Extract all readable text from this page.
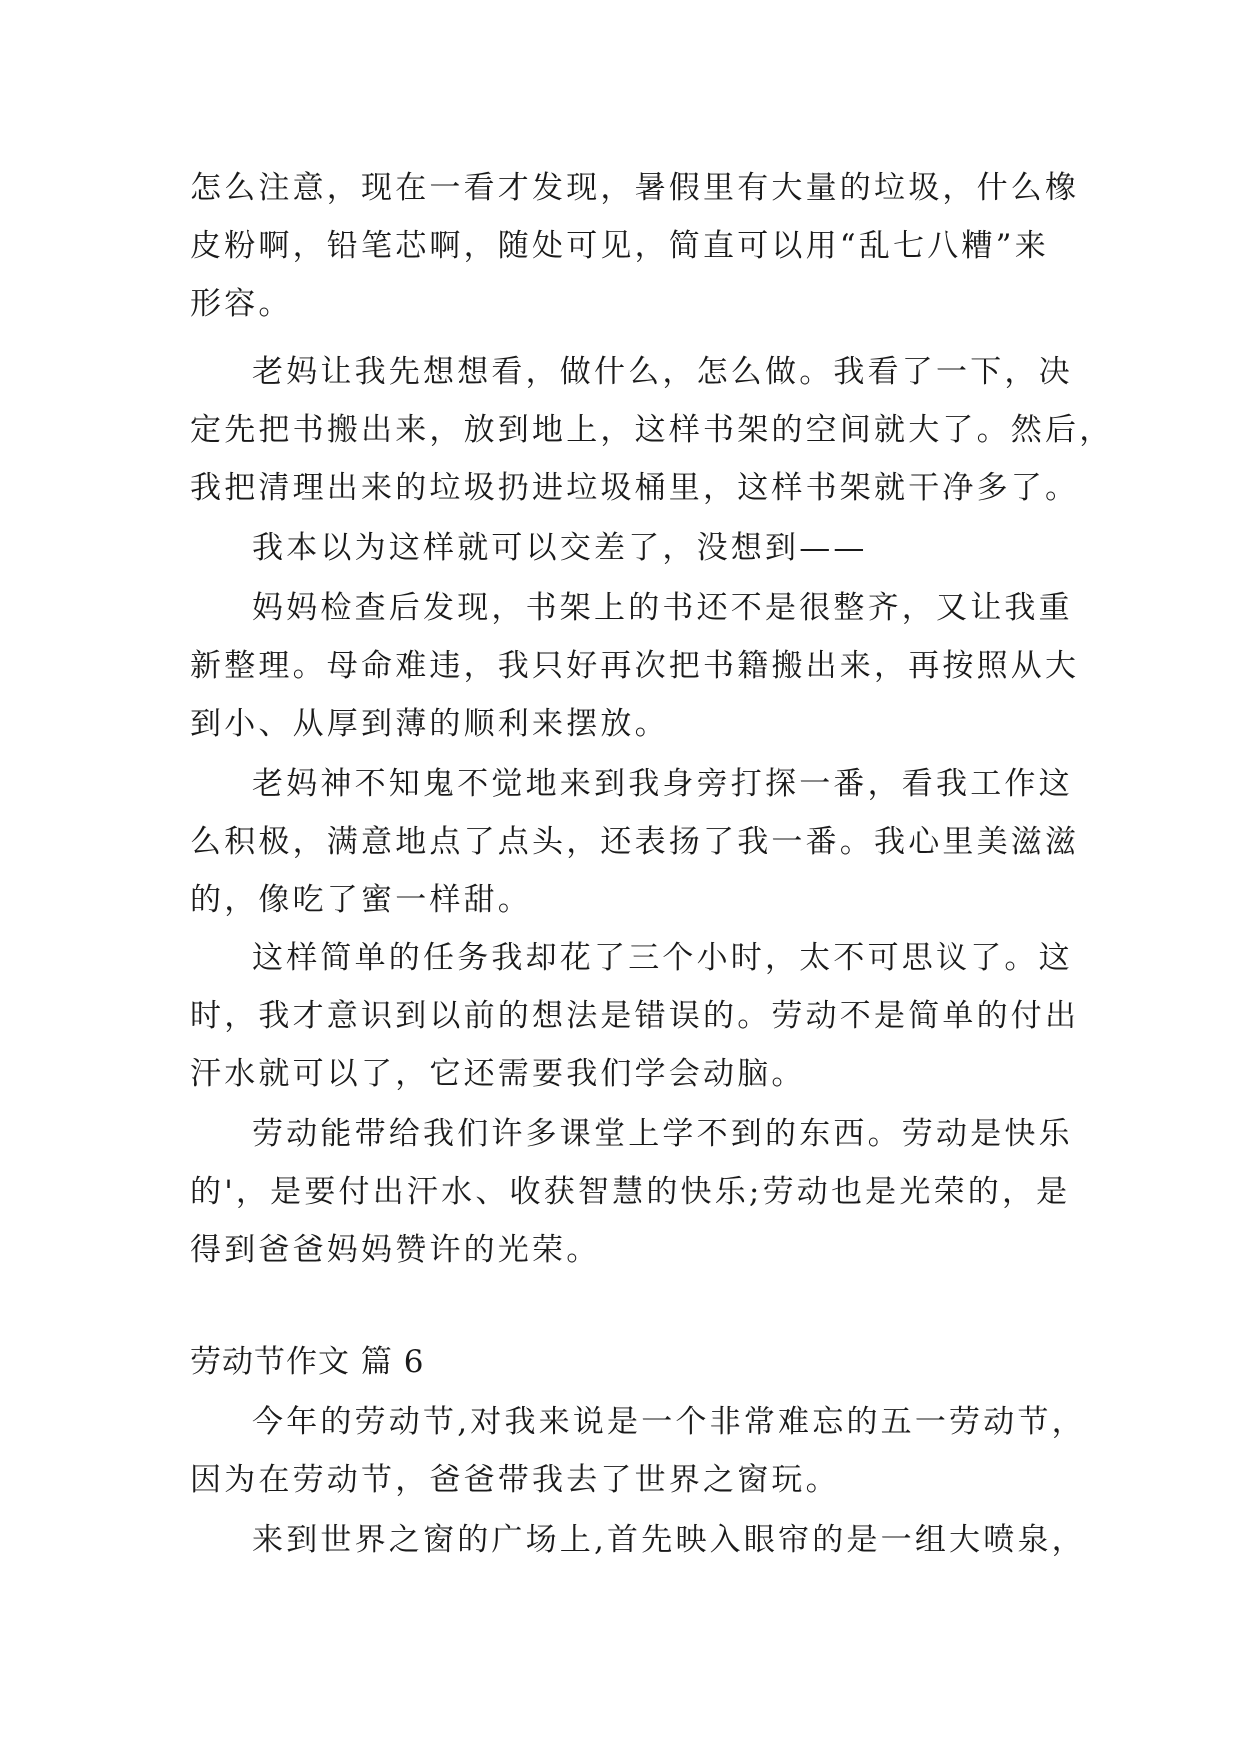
怎么注意，现在一看才发现，暑假里有大量的垃圾，什么橡
皮粉啊，铅笔芯啊，随处可见，简直可以用“乱七八糟”来
形容。
老妈让我先想想看，做什么，怎么做。我看了一下，决
定先把书搬出来，放到地上，这样书架的空间就大了。然后，
我把清理出来的垃圾扔进垃圾桶里，这样书架就干净多了。
我本以为这样就可以交差了，没想到——
妈妈检查后发现，书架上的书还不是很整齐，又让我重
新整理。母命难违，我只好再次把书籍搬出来，再按照从大
到小、从厚到薄的顺利来摆放。
老妈神不知鬼不觉地来到我身旁打探一番，看我工作这
么积极，满意地点了点头，还表扬了我一番。我心里美滋滋
的，像吃了蜜一样甜。
这样简单的任务我却花了三个小时，太不可思议了。这
时，我才意识到以前的想法是错误的。劳动不是简单的付出
汗水就可以了，它还需要我们学会动脑。
劳动能带给我们许多课堂上学不到的东西。劳动是快乐
的'，是要付出汗水、收获智慧的快乐;劳动也是光荣的，是
得到爸爸妈妈赞许的光荣。
劳动节作文 篇 6
今年的劳动节,对我来说是一个非常难忘的五一劳动节，
因为在劳动节，爸爸带我去了世界之窗玩。
来到世界之窗的广场上,首先映入眼帘的是一组大喷泉，
